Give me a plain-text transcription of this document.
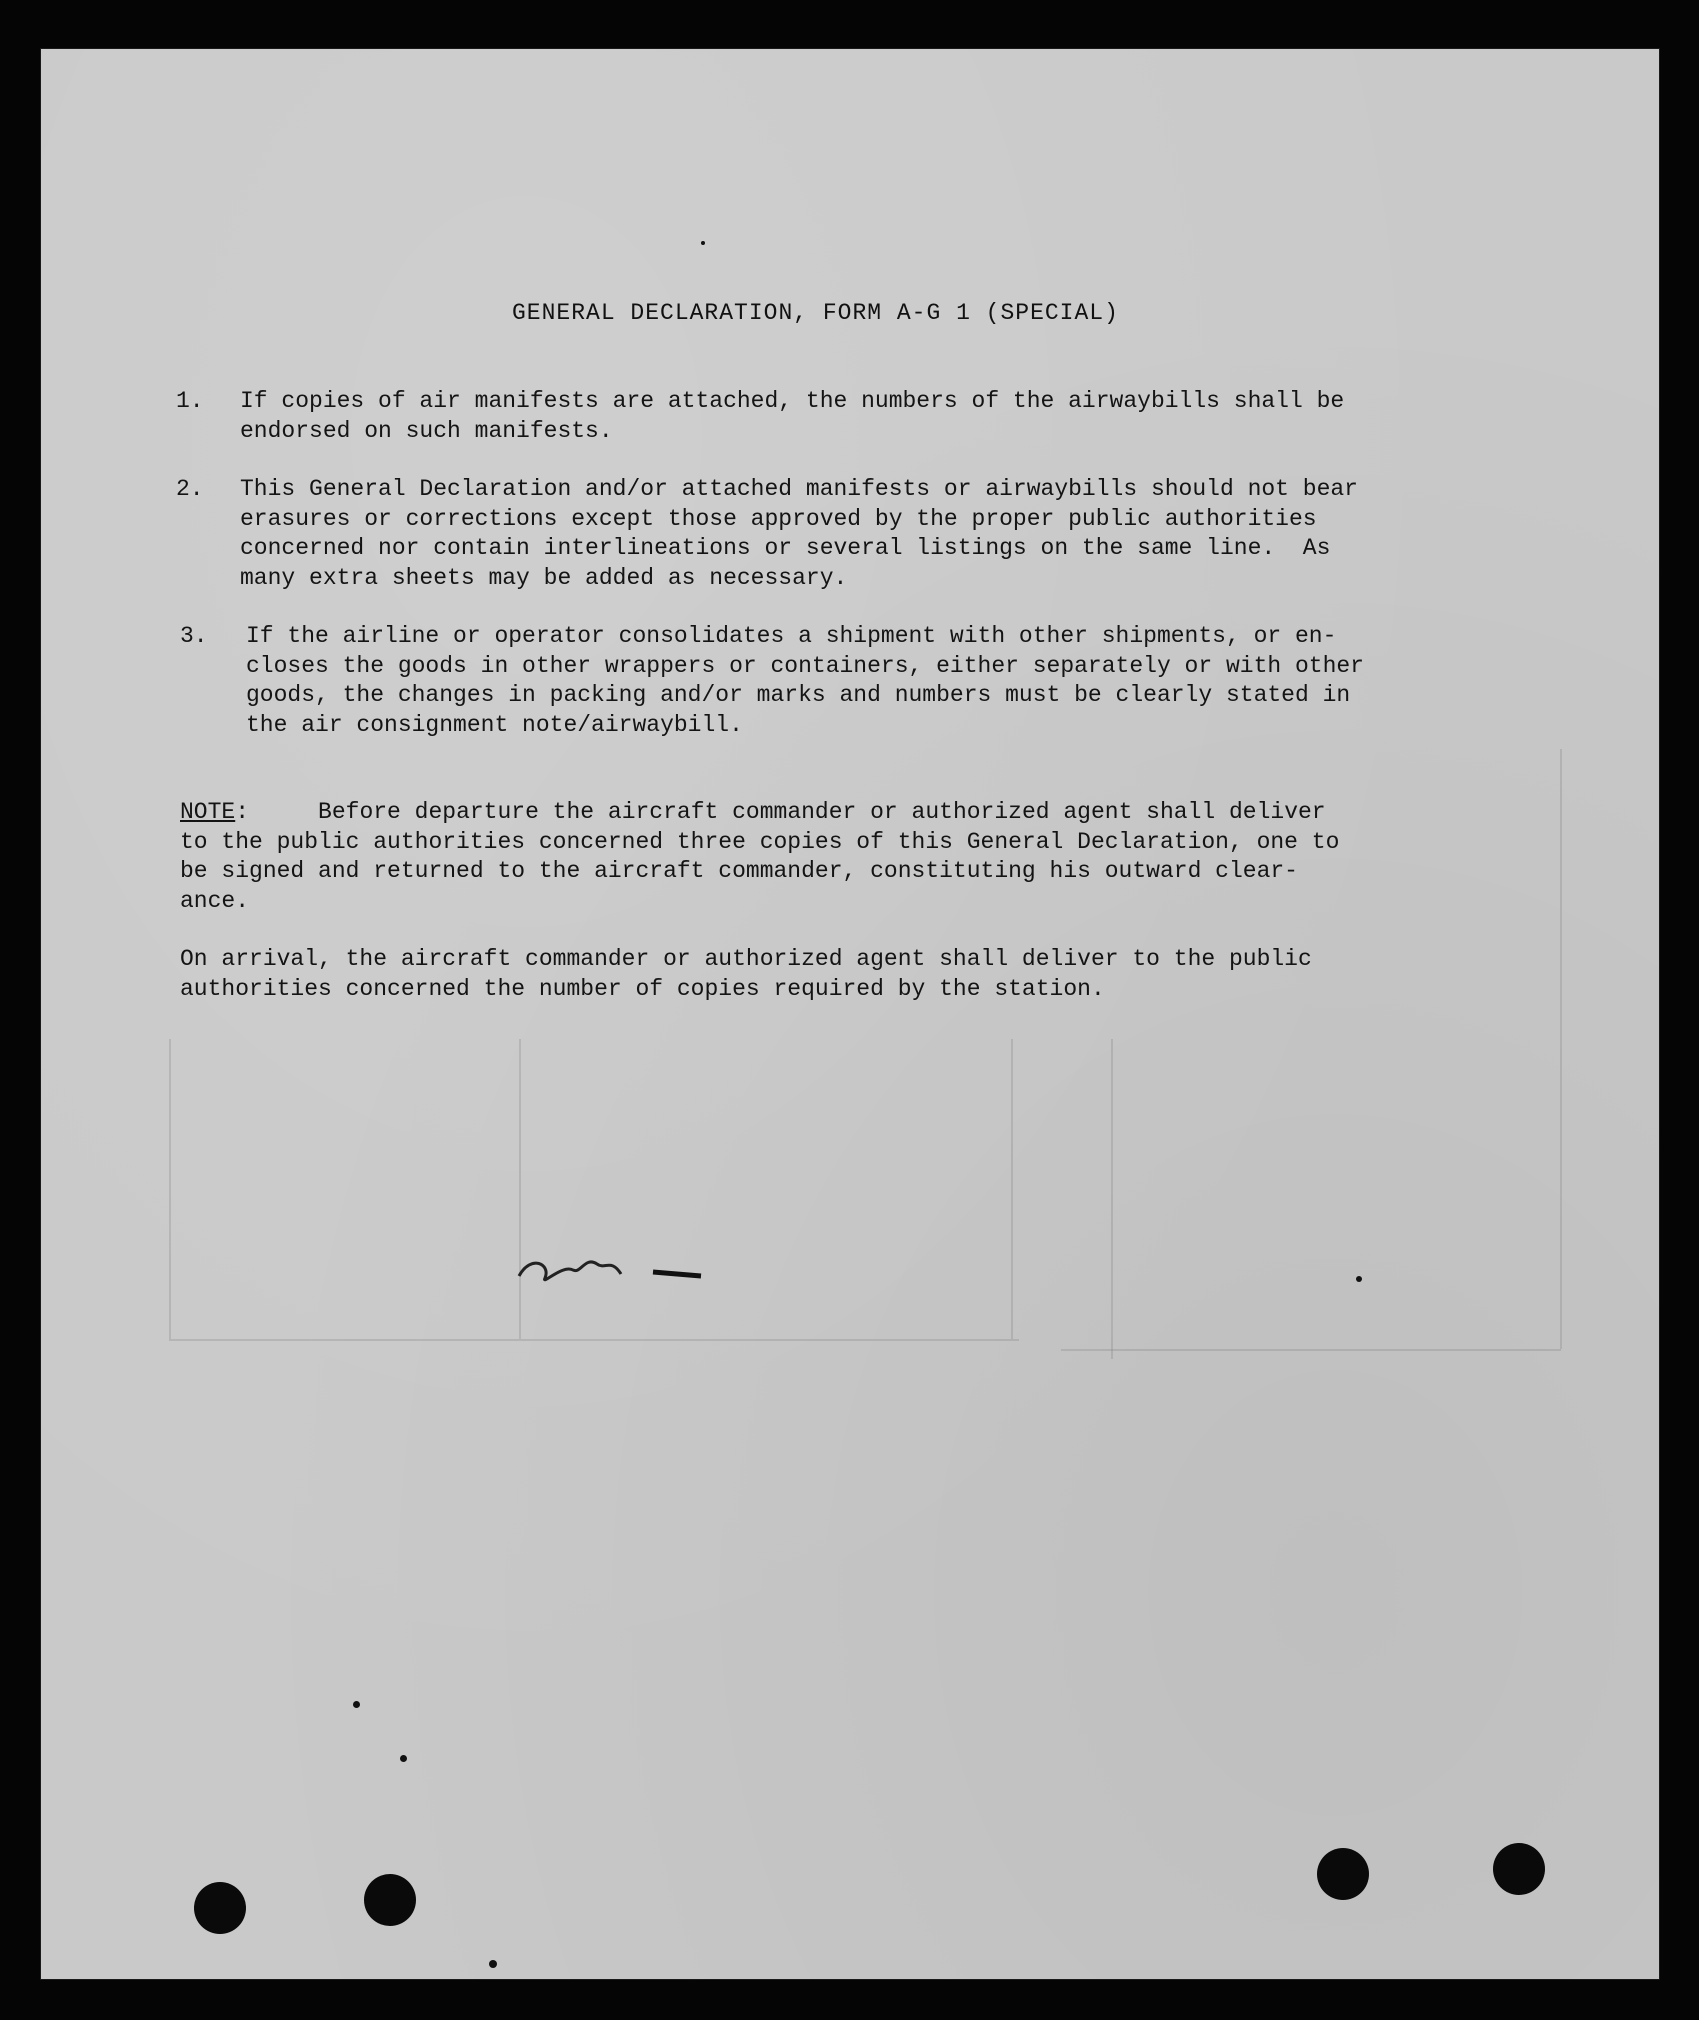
GENERAL DECLARATION, FORM A-G 1 (SPECIAL)

1.

If copies of air manifests are attached, the numbers of the airwaybills shall be

endorsed on such manifests.

2.

This General Declaration and/or attached manifests or airwaybills should not bear

erasures or corrections except those approved by the proper public authorities

concerned nor contain interlineations or several listings on the same line.  As

many extra sheets may be added as necessary.

3.

If the airline or operator consolidates a shipment with other shipments, or en-

closes the goods in other wrappers or containers, either separately or with other

goods, the changes in packing and/or marks and numbers must be clearly stated in

the air consignment note/airwaybill.

NOTE:     Before departure the aircraft commander or authorized agent shall deliver

to the public authorities concerned three copies of this General Declaration, one to

be signed and returned to the aircraft commander, constituting his outward clear-

ance.

On arrival, the aircraft commander or authorized agent shall deliver to the public

authorities concerned the number of copies required by the station.
